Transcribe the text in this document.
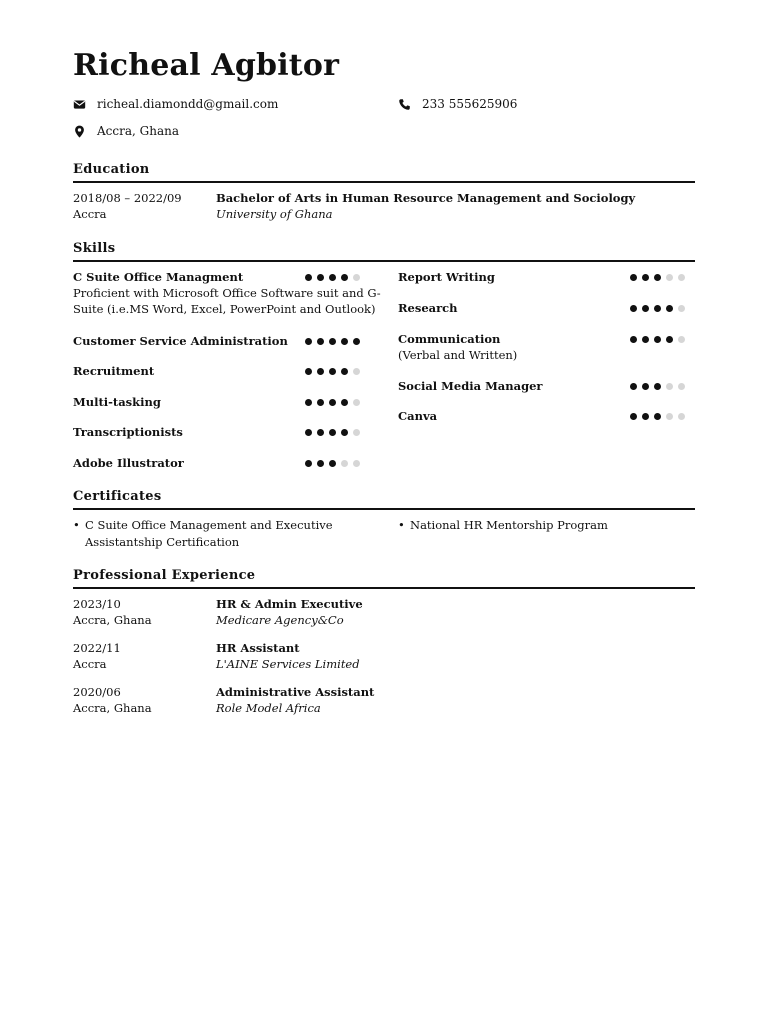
Richeal Agbitor
richeal.diamondd@gmail.com	233 555625906
Accra, Ghana
Education
2018/08 – 2022/09
Accra
Bachelor of Arts in Human Resource Management and Sociology
University of Ghana
Skills
C Suite Office Managment
Proficient with Microsoft Office Software suit and G-
Suite (i.e.MS Word, Excel, PowerPoint and Outlook)
Customer Service Administration
Recruitment
Multi-tasking
Transcriptionists
Adobe Illustrator
Report Writing
Research
Communication
(Verbal and Written)
Social Media Manager
Canva
Certificates
• C Suite Office Management and Executive
Assistantship Certification
• National HR Mentorship Program
Professional Experience
2023/10
Accra, Ghana
HR & Admin Executive
Medicare Agency&Co
2022/11
Accra
HR Assistant
L'AINE Services Limited
2020/06
Accra, Ghana
Administrative Assistant
Role Model Africa
